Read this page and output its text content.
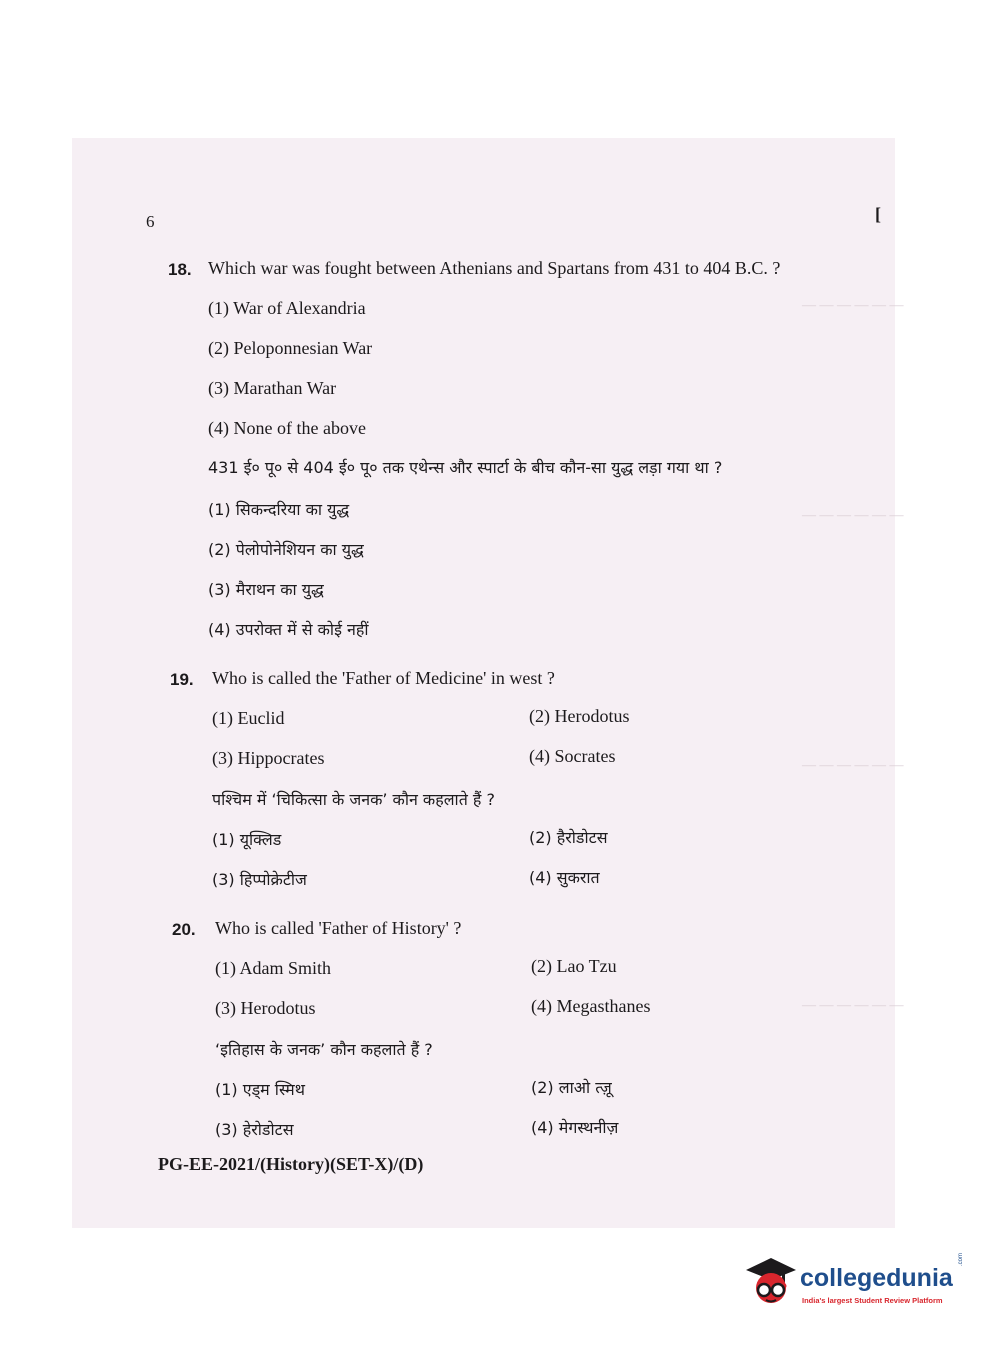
6	[
— — — — — —
— — — — — —
— — — — — —
— — — — — —
18. Which war was fought between Athenians and Spartans from 431 to 404 B.C. ?
(1) War of Alexandria
(2) Peloponnesian War
(3) Marathan War
(4) None of the above
431 ई० पू० से 404 ई० पू० तक एथेन्स और स्पार्टा के बीच कौन-सा युद्ध लड़ा गया था ?
(1) सिकन्दरिया का युद्ध
(2) पेलोपोनेशियन का युद्ध
(3) मैराथन का युद्ध
(4) उपरोक्त में से कोई नहीं
19. Who is called the 'Father of Medicine' in west ?
(1) Euclid	(2) Herodotus
(3) Hippocrates	(4) Socrates
पश्चिम में ‘चिकित्सा के जनक’ कौन कहलाते हैं ?
(1) यूक्लिड	(2) हैरोडोटस
(3) हिप्पोक्रेटीज	(4) सुकरात
20. Who is called 'Father of History' ?
(1) Adam Smith	(2) Lao Tzu
(3) Herodotus	(4) Megasthanes
‘इतिहास के जनक’ कौन कहलाते हैं ?
(1) एड्म स्मिथ	(2) लाओ त्ज़ू
(3) हेरोडोटस	(4) मेगस्थनीज़
PG-EE-2021/(History)(SET-X)/(D)
collegedunia
.com
India's largest Student Review Platform
